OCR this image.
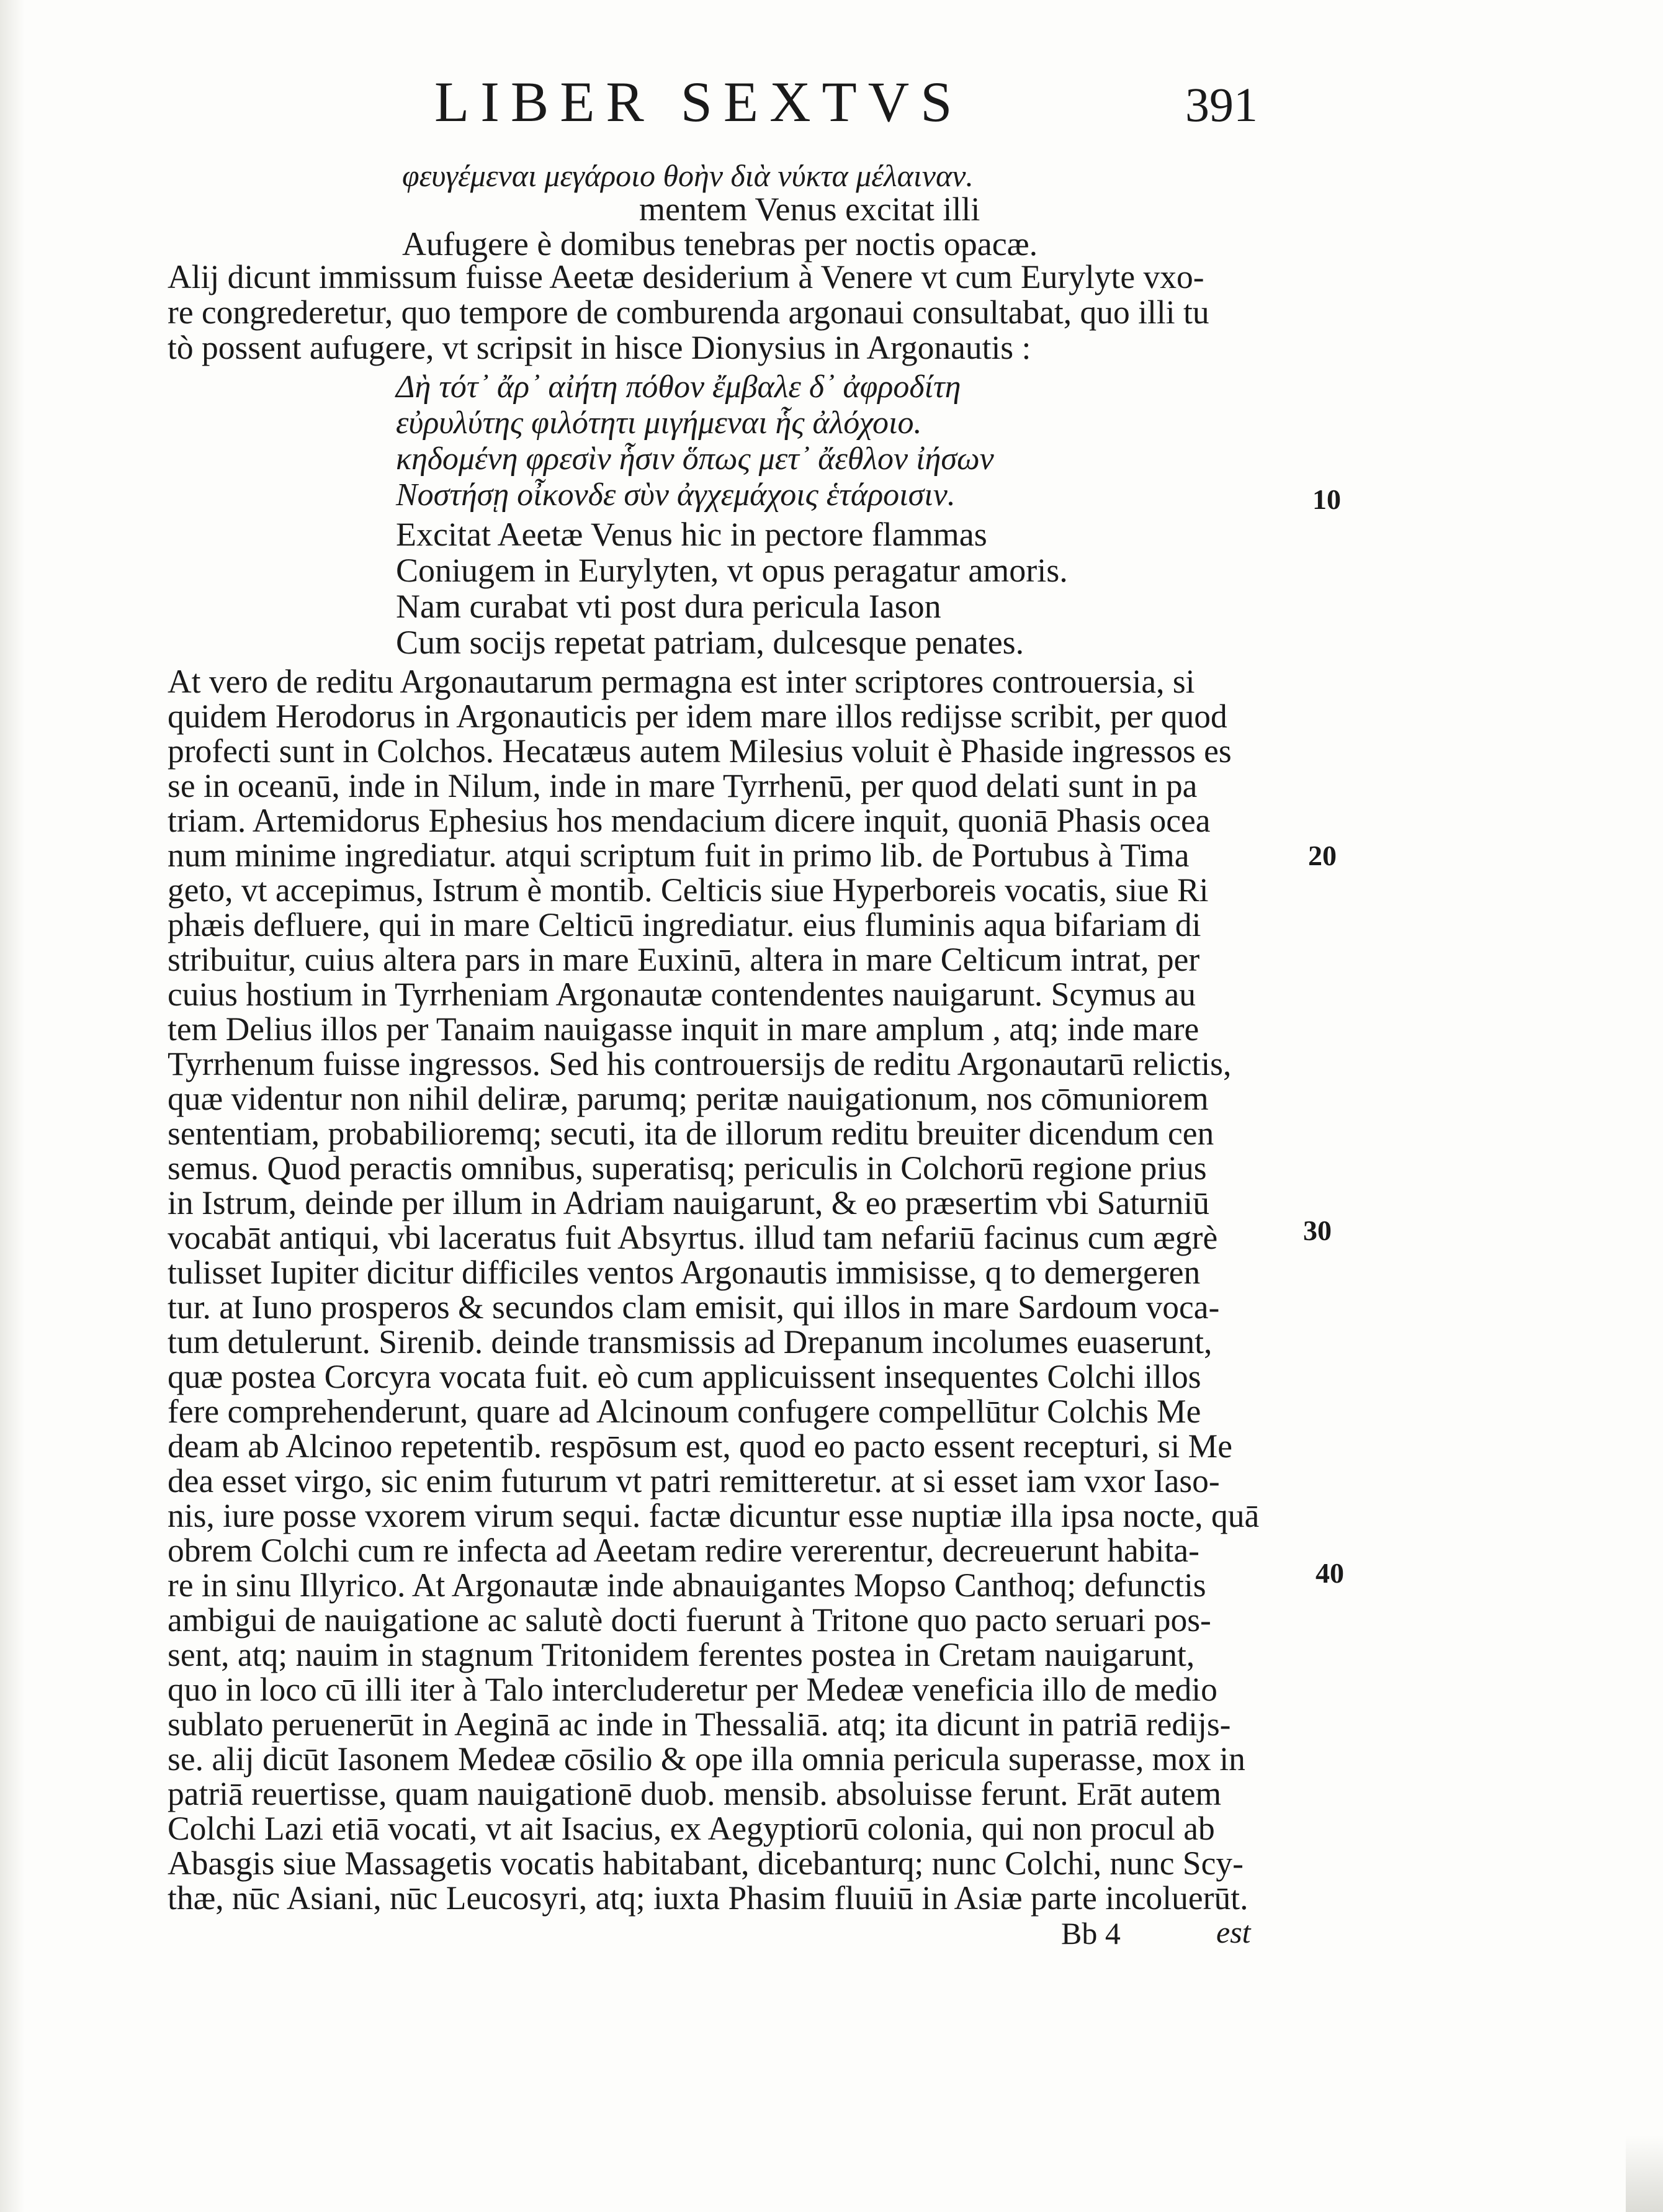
LIBER SEXTVS	391
φευγέμεναι μεγάροιο θοὴν διὰ νύκτα μέλαιναν.
mentem Venus excitat illi
Aufugere è domibus tenebras per noctis opacæ.
Alij dicunt immissum fuisse Aeetæ desiderium à Venere vt cum Eurylyte vxo-
re congrederetur, quo tempore de comburenda argonaui consultabat, quo illi tu
tò possent aufugere, vt scripsit in hisce Dionysius in Argonautis :
Δὴ τότ᾽ ἄρ᾽ αἰήτη πόθον ἔμβαλε δ᾽ ἀφροδίτη
εὐρυλύτης φιλότητι μιγήμεναι ἧς ἀλόχοιο.
κηδομένη φρεσὶν ἧσιν ὅπως μετ᾽ ἄεθλον ἰήσων
Νοστήσῃ οἶκονδε σὺν ἀγχεμάχοις ἑτάροισιν.
Excitat Aeetæ Venus hic in pectore flammas
Coniugem in Eurylyten, vt opus peragatur amoris.
Nam curabat vti post dura pericula Iason
Cum socijs repetat patriam, dulcesque penates.
At vero de reditu Argonautarum permagna est inter scriptores controuersia, si
quidem Herodorus in Argonauticis per idem mare illos redijsse scribit, per quod
profecti sunt in Colchos. Hecatæus autem Milesius voluit è Phaside ingressos es
se in oceanū, inde in Nilum, inde in mare Tyrrhenū, per quod delati sunt in pa
triam. Artemidorus Ephesius hos mendacium dicere inquit, quoniā Phasis ocea
num minime ingrediatur. atqui scriptum fuit in primo lib. de Portubus à Tima
geto, vt accepimus, Istrum è montib. Celticis siue Hyperboreis vocatis, siue Ri
phæis defluere, qui in mare Celticū ingrediatur. eius fluminis aqua bifariam di
stribuitur, cuius altera pars in mare Euxinū, altera in mare Celticum intrat, per
cuius hostium in Tyrrheniam Argonautæ contendentes nauigarunt. Scymus au
tem Delius illos per Tanaim nauigasse inquit in mare amplum , atq; inde mare
Tyrrhenum fuisse ingressos. Sed his controuersijs de reditu Argonautarū relictis,
quæ videntur non nihil deliræ, parumq; peritæ nauigationum, nos cōmuniorem
sententiam, probabilioremq; secuti, ita de illorum reditu breuiter dicendum cen
semus. Quod peractis omnibus, superatisq; periculis in Colchorū regione prius
in Istrum, deinde per illum in Adriam nauigarunt, & eo præsertim vbi Saturniū
vocabāt antiqui, vbi laceratus fuit Absyrtus. illud tam nefariū facinus cum ægrè
tulisset Iupiter dicitur difficiles ventos Argonautis immisisse, q to demergeren
tur. at Iuno prosperos & secundos clam emisit, qui illos in mare Sardoum voca-
tum detulerunt. Sirenib. deinde transmissis ad Drepanum incolumes euaserunt,
quæ postea Corcyra vocata fuit. eò cum applicuissent insequentes Colchi illos
fere comprehenderunt, quare ad Alcinoum confugere compellūtur Colchis Me
deam ab Alcinoo repetentib. respōsum est, quod eo pacto essent recepturi, si Me
dea esset virgo, sic enim futurum vt patri remitteretur. at si esset iam vxor Iaso-
nis, iure posse vxorem virum sequi. factæ dicuntur esse nuptiæ illa ipsa nocte, quā
obrem Colchi cum re infecta ad Aeetam redire vererentur, decreuerunt habita-
re in sinu Illyrico. At Argonautæ inde abnauigantes Mopso Canthoq; defunctis
ambigui de nauigatione ac salutè docti fuerunt à Tritone quo pacto seruari pos-
sent, atq; nauim in stagnum Tritonidem ferentes postea in Cretam nauigarunt,
quo in loco cū illi iter à Talo intercluderetur per Medeæ veneficia illo de medio
sublato peruenerūt in Aeginā ac inde in Thessaliā. atq; ita dicunt in patriā redijs-
se. alij dicūt Iasonem Medeæ cōsilio & ope illa omnia pericula superasse, mox in
patriā reuertisse, quam nauigationē duob. mensib. absoluisse ferunt. Erāt autem
Colchi Lazi etiā vocati, vt ait Isacius, ex Aegyptiorū colonia, qui non procul ab
Abasgis siue Massagetis vocatis habitabant, dicebanturq; nunc Colchi, nunc Scy-
thæ, nūc Asiani, nūc Leucosyri, atq; iuxta Phasim fluuiū in Asiæ parte incoluerūt.
10
20
30
40
Bb 4	est
